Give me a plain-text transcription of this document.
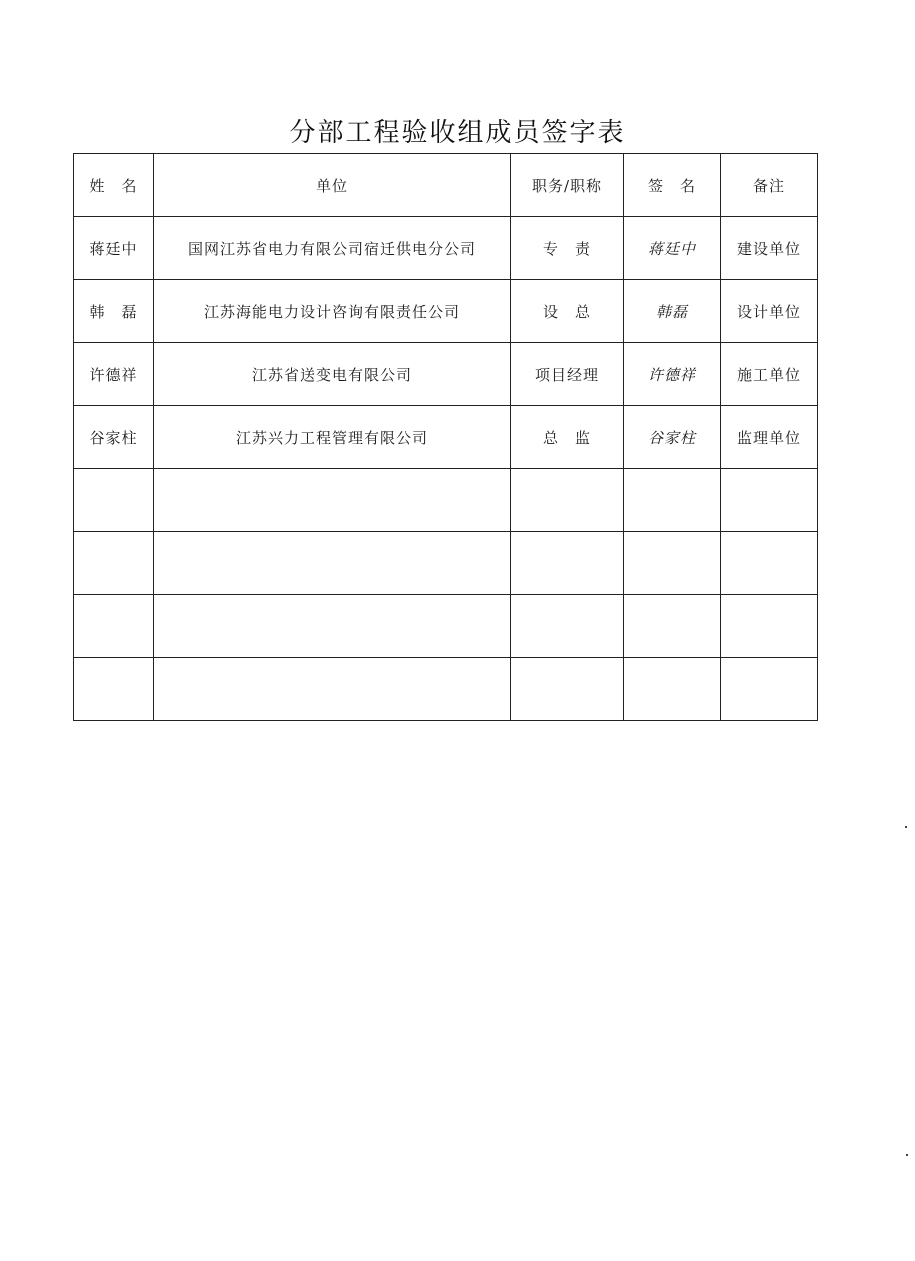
分部工程验收组成员签字表
姓　名	单位	职务/职称	签　名	备注
蒋廷中	国网江苏省电力有限公司宿迁供电分公司	专　责	蒋廷中	建设单位
韩　磊	江苏海能电力设计咨询有限责任公司	设　总	韩磊	设计单位
许德祥	江苏省送变电有限公司	项目经理	许德祥	施工单位
谷家柱	江苏兴力工程管理有限公司	总　监	谷家柱	监理单位
